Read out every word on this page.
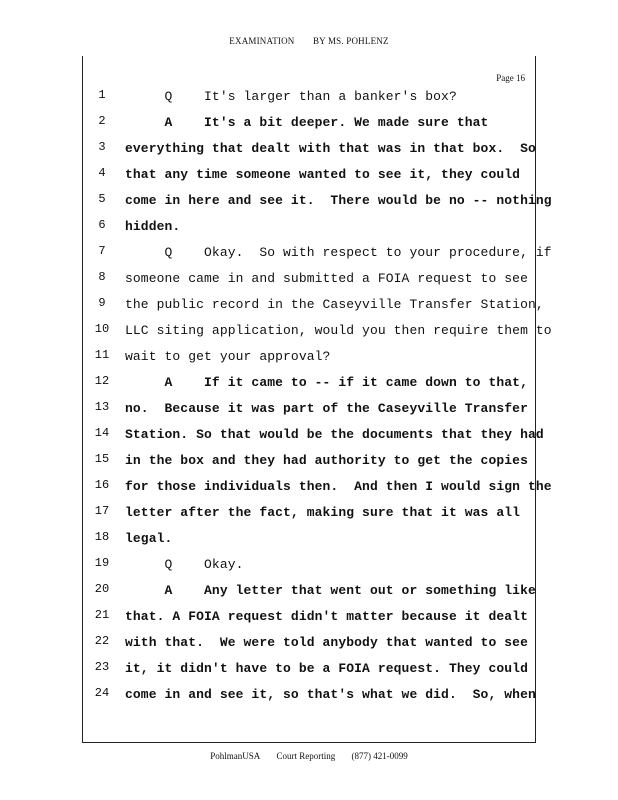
EXAMINATION BY MS. POHLENZ
Page 16
1	Q    It's larger than a banker's box?
2	A    It's a bit deeper. We made sure that
3	everything that dealt with that was in that box.  So
4	that any time someone wanted to see it, they could
5	come in here and see it.  There would be no -- nothing
6	hidden.
7	Q    Okay.  So with respect to your procedure, if
8	someone came in and submitted a FOIA request to see
9	the public record in the Caseyville Transfer Station,
10 LLC siting application, would you then require them to
11 wait to get your approval?
12 A    If it came to -- if it came down to that,
13 no.  Because it was part of the Caseyville Transfer
14 Station. So that would be the documents that they had
15 in the box and they had authority to get the copies
16 for those individuals then.  And then I would sign the
17 letter after the fact, making sure that it was all
18 legal.
19 Q    Okay.
20 A    Any letter that went out or something like
21 that. A FOIA request didn't matter because it dealt
22 with that.  We were told anybody that wanted to see
23 it, it didn't have to be a FOIA request. They could
24 come in and see it, so that's what we did.  So, when
PohlmanUSA Court Reporting (877) 421-0099
